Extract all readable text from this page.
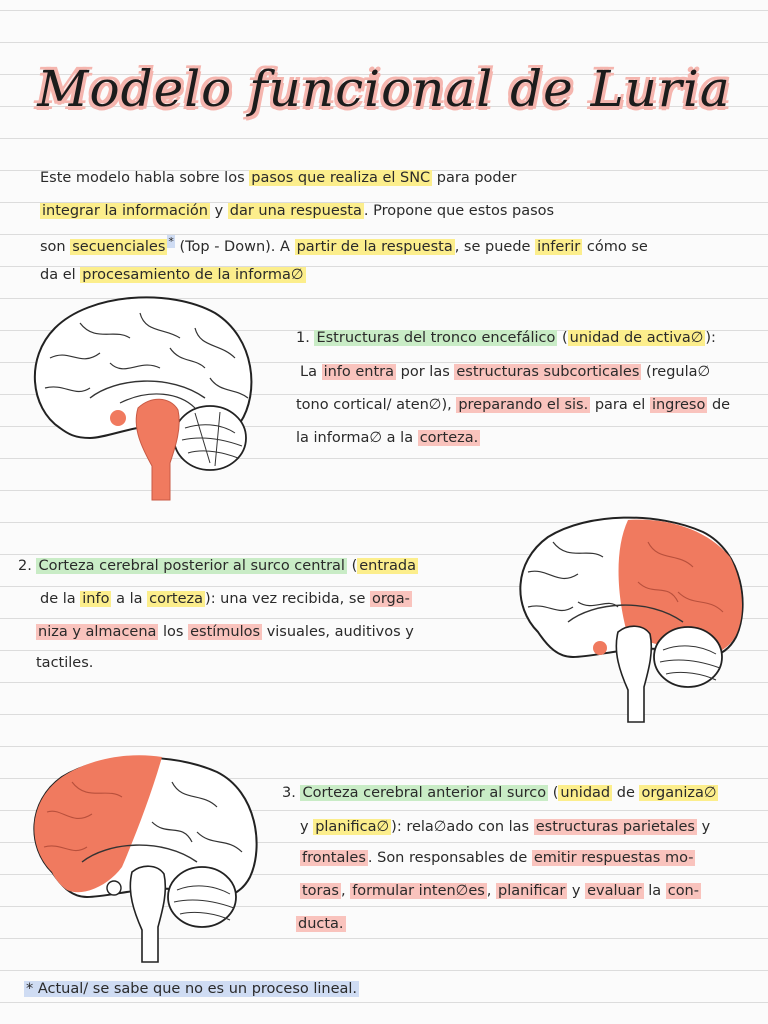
Modelo funcional de Luria
Este modelo habla sobre los pasos que realiza el SNC para poder
integrar la información y dar una respuesta . Propone que estos pasos
son secuenciales * (Top - Down). A partir de la respuesta , se puede inferir cómo se
da el procesamiento de la informa∅
1. Estructuras del tronco encefálico ( unidad de activa∅ ):
La info entra por las estructuras subcorticales (regula∅
tono cortical/ aten∅), preparando el sis. para el ingreso de
la informa∅ a la corteza.
2. Corteza cerebral posterior al surco central ( entrada
de la info a la corteza ): una vez recibida, se orga-
niza y almacena los estímulos visuales, auditivos y
tactiles.
3. Corteza cerebral anterior al surco ( unidad de organiza∅
y planifica∅ ): rela∅ado con las estructuras parietales y
frontales . Son responsables de emitir respuestas mo-
toras , formular inten∅es , planificar y evaluar la con-
ducta.
* Actual/ se sabe que no es un proceso lineal.
